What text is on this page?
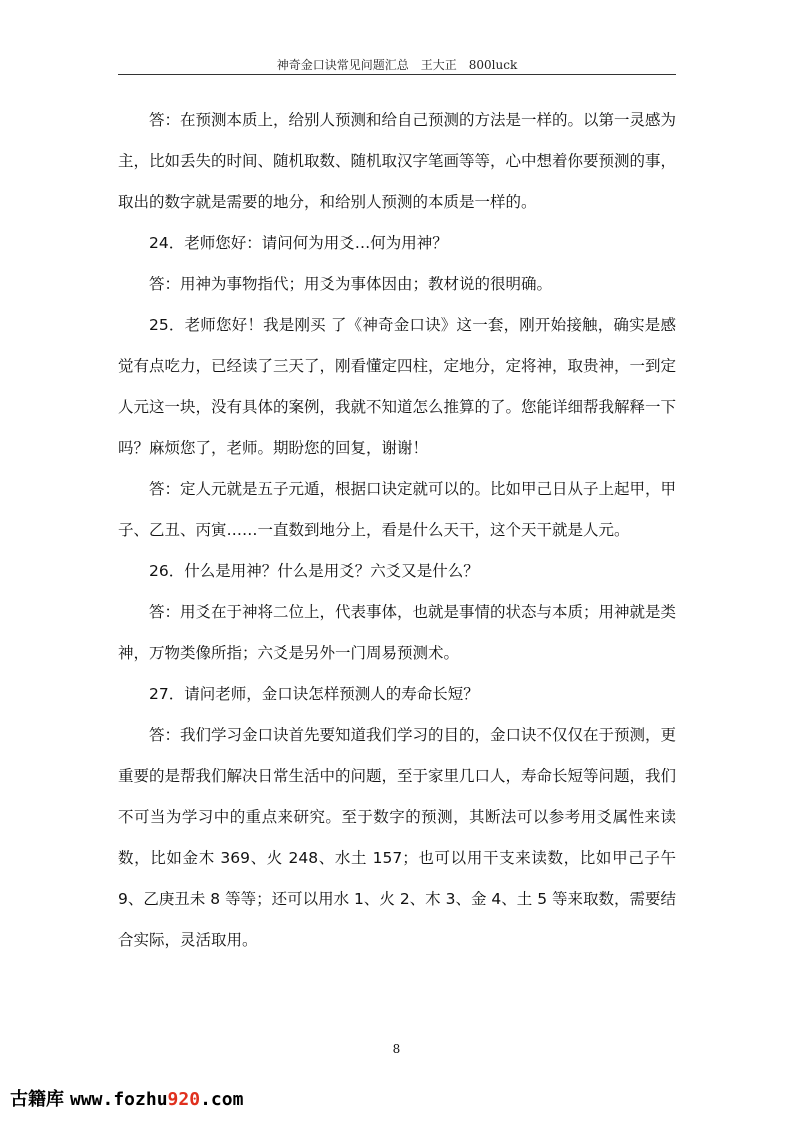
神奇金口诀常见问题汇总　王大正　800luck

答：在预测本质上，给别人预测和给自己预测的方法是一样的。以第一灵感为主，比如丢失的时间、随机取数、随机取汉字笔画等等，心中想着你要预测的事，取出的数字就是需要的地分，和给别人预测的本质是一样的。

24．老师您好：请问何为用爻…何为用神？

答：用神为事物指代；用爻为事体因由；教材说的很明确。

25．老师您好！我是刚买 了《神奇金口诀》这一套，刚开始接触，确实是感觉有点吃力，已经读了三天了，刚看懂定四柱，定地分，定将神，取贵神，一到定人元这一块，没有具体的案例，我就不知道怎么推算的了。您能详细帮我解释一下吗？麻烦您了，老师。期盼您的回复，谢谢！

答：定人元就是五子元遁，根据口诀定就可以的。比如甲己日从子上起甲，甲子、乙丑、丙寅……一直数到地分上，看是什么天干，这个天干就是人元。

26．什么是用神？什么是用爻？六爻又是什么？

答：用爻在于神将二位上，代表事体，也就是事情的状态与本质；用神就是类神，万物类像所指；六爻是另外一门周易预测术。

27．请问老师，金口诀怎样预测人的寿命长短？

答：我们学习金口诀首先要知道我们学习的目的，金口诀不仅仅在于预测，更重要的是帮我们解决日常生活中的问题，至于家里几口人，寿命长短等问题，我们不可当为学习中的重点来研究。至于数字的预测，其断法可以参考用爻属性来读数，比如金木 369、火 248、水土 157；也可以用干支来读数，比如甲己子午 9、乙庚丑未 8 等等；还可以用水 1、火 2、木 3、金 4、土 5 等来取数，需要结合实际，灵活取用。

8
古籍库 www.fozhu920.com
